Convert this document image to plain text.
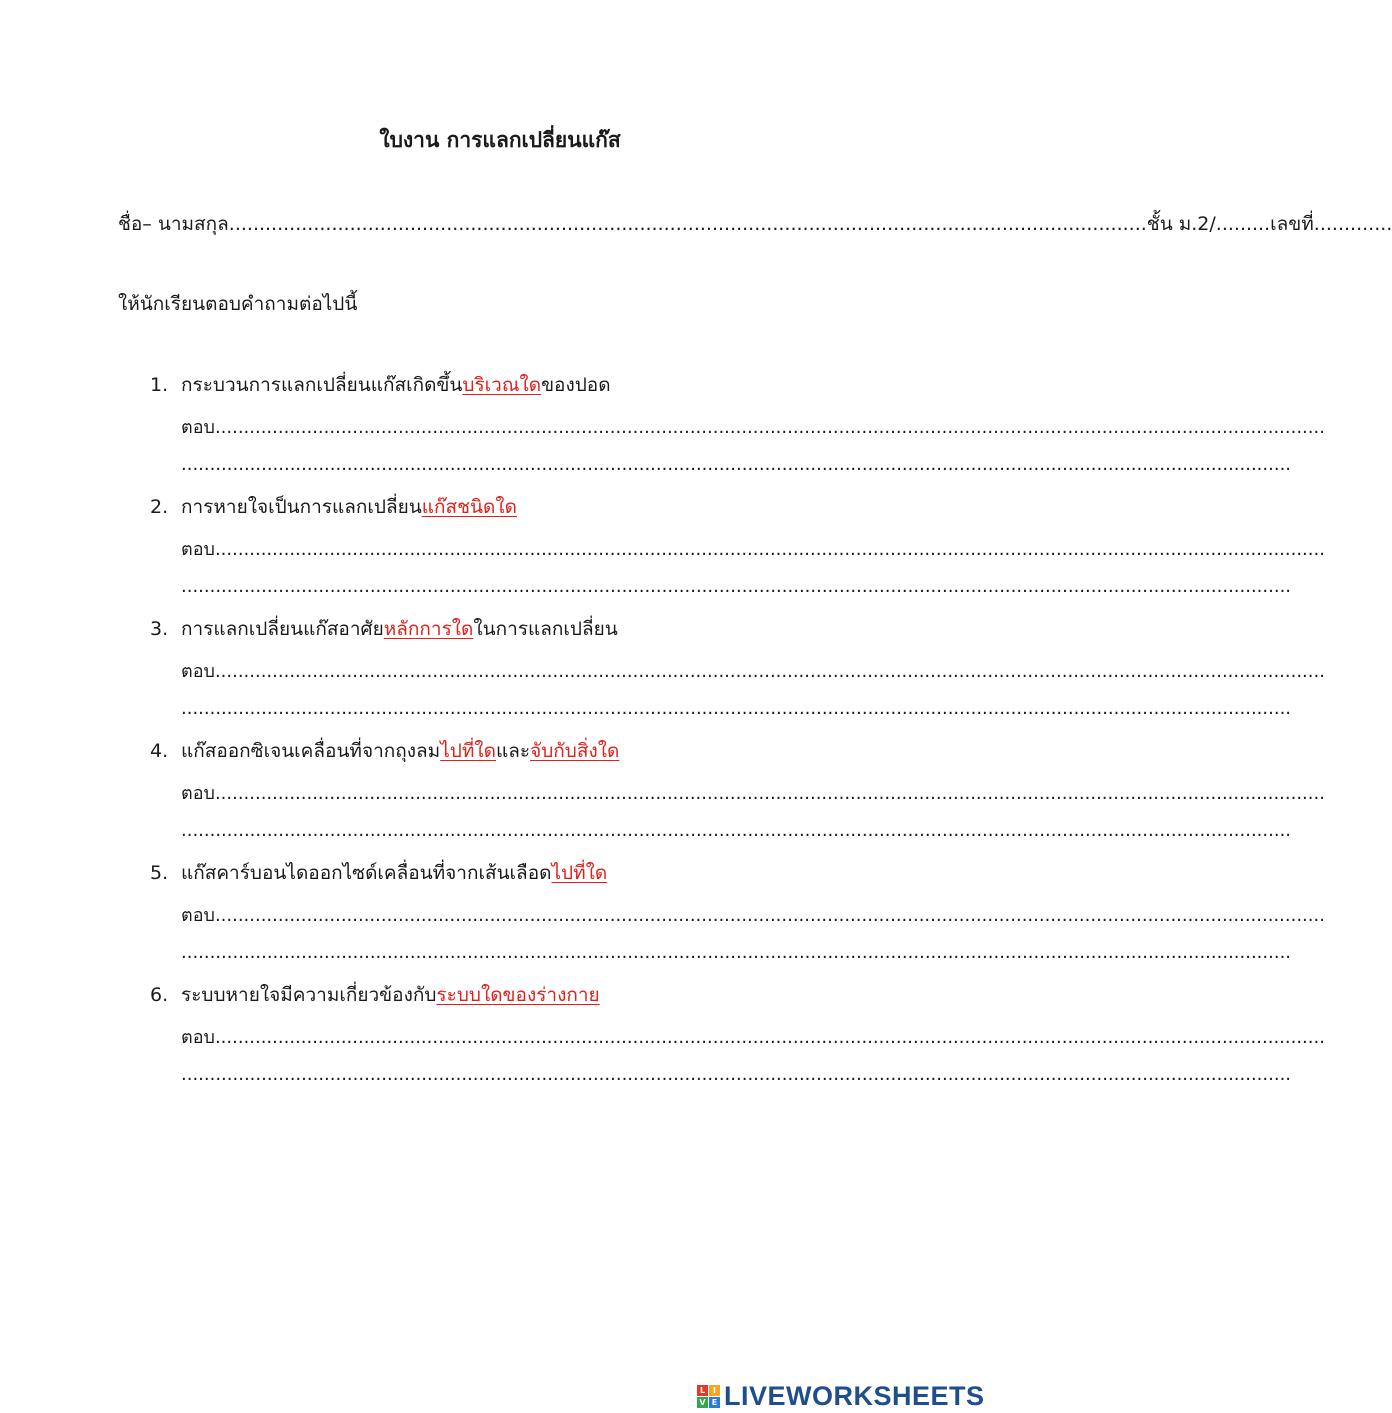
ใบงาน การแลกเปลี่ยนแก๊ส
ชื่อ– นามสกุล ........................................................................................................................................................ ชั้น ม.2/ ......... เลขที่ .............

ให้นักเรียนตอบคำถามต่อไปนี้

1. กระบวนการแลกเปลี่ยนแก๊สเกิดขึ้นบริเวณใดของปอด
ตอบ ..................................................................................................................................................................................................
..................................................................................................................................................................................................
2. การหายใจเป็นการแลกเปลี่ยนแก๊สชนิดใด
ตอบ ..................................................................................................................................................................................................
..................................................................................................................................................................................................
3. การแลกเปลี่ยนแก๊สอาศัยหลักการใดในการแลกเปลี่ยน
ตอบ ..................................................................................................................................................................................................
..................................................................................................................................................................................................
4. แก๊สออกซิเจนเคลื่อนที่จากถุงลมไปที่ใดและจับกับสิ่งใด
ตอบ ..................................................................................................................................................................................................
..................................................................................................................................................................................................
5. แก๊สคาร์บอนไดออกไซด์เคลื่อนที่จากเส้นเลือดไปที่ใด
ตอบ ..................................................................................................................................................................................................
..................................................................................................................................................................................................
6. ระบบหายใจมีความเกี่ยวข้องกับระบบใดของร่างกาย
ตอบ ..................................................................................................................................................................................................
..................................................................................................................................................................................................
L I
V E LIVEWORKSHEETS
